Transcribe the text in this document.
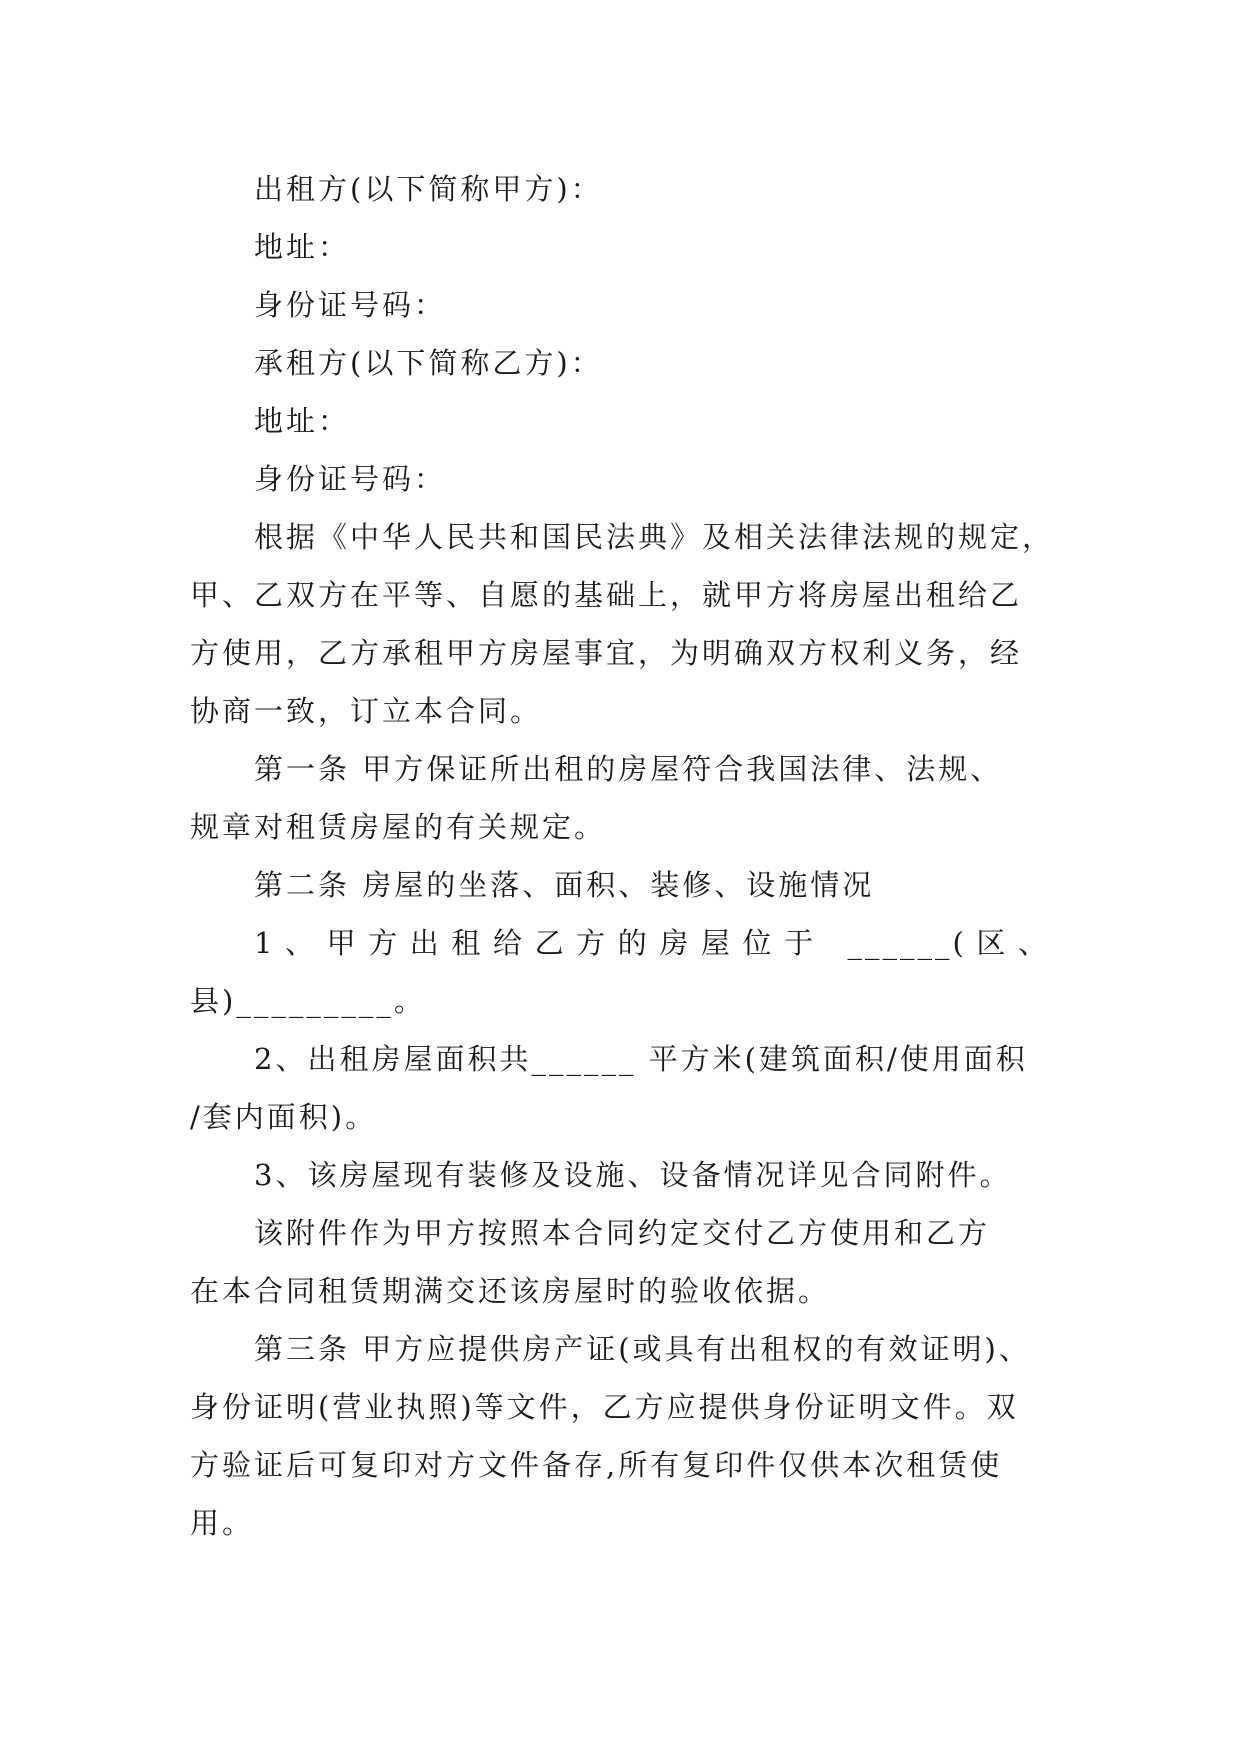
出租方(以下简称甲方)：

地址：

身份证号码：

承租方(以下简称乙方)：

地址：

身份证号码：

根据《中华人民共和国民法典》及相关法律法规的规定，

甲、乙双方在平等、自愿的基础上，就甲方将房屋出租给乙

方使用，乙方承租甲方房屋事宜，为明确双方权利义务，经

协商一致，订立本合同。

第一条 甲方保证所出租的房屋符合我国法律、法规、

规章对租赁房屋的有关规定。

第二条 房屋的坐落、面积、装修、设施情况

1、甲方出租给乙方的房屋位于 ______(区、

县)_________。

2、出租房屋面积共______ 平方米(建筑面积/使用面积

/套内面积)。

3、该房屋现有装修及设施、设备情况详见合同附件。

该附件作为甲方按照本合同约定交付乙方使用和乙方

在本合同租赁期满交还该房屋时的验收依据。

第三条 甲方应提供房产证(或具有出租权的有效证明)、

身份证明(营业执照)等文件，乙方应提供身份证明文件。双

方验证后可复印对方文件备存,所有复印件仅供本次租赁使

用。
